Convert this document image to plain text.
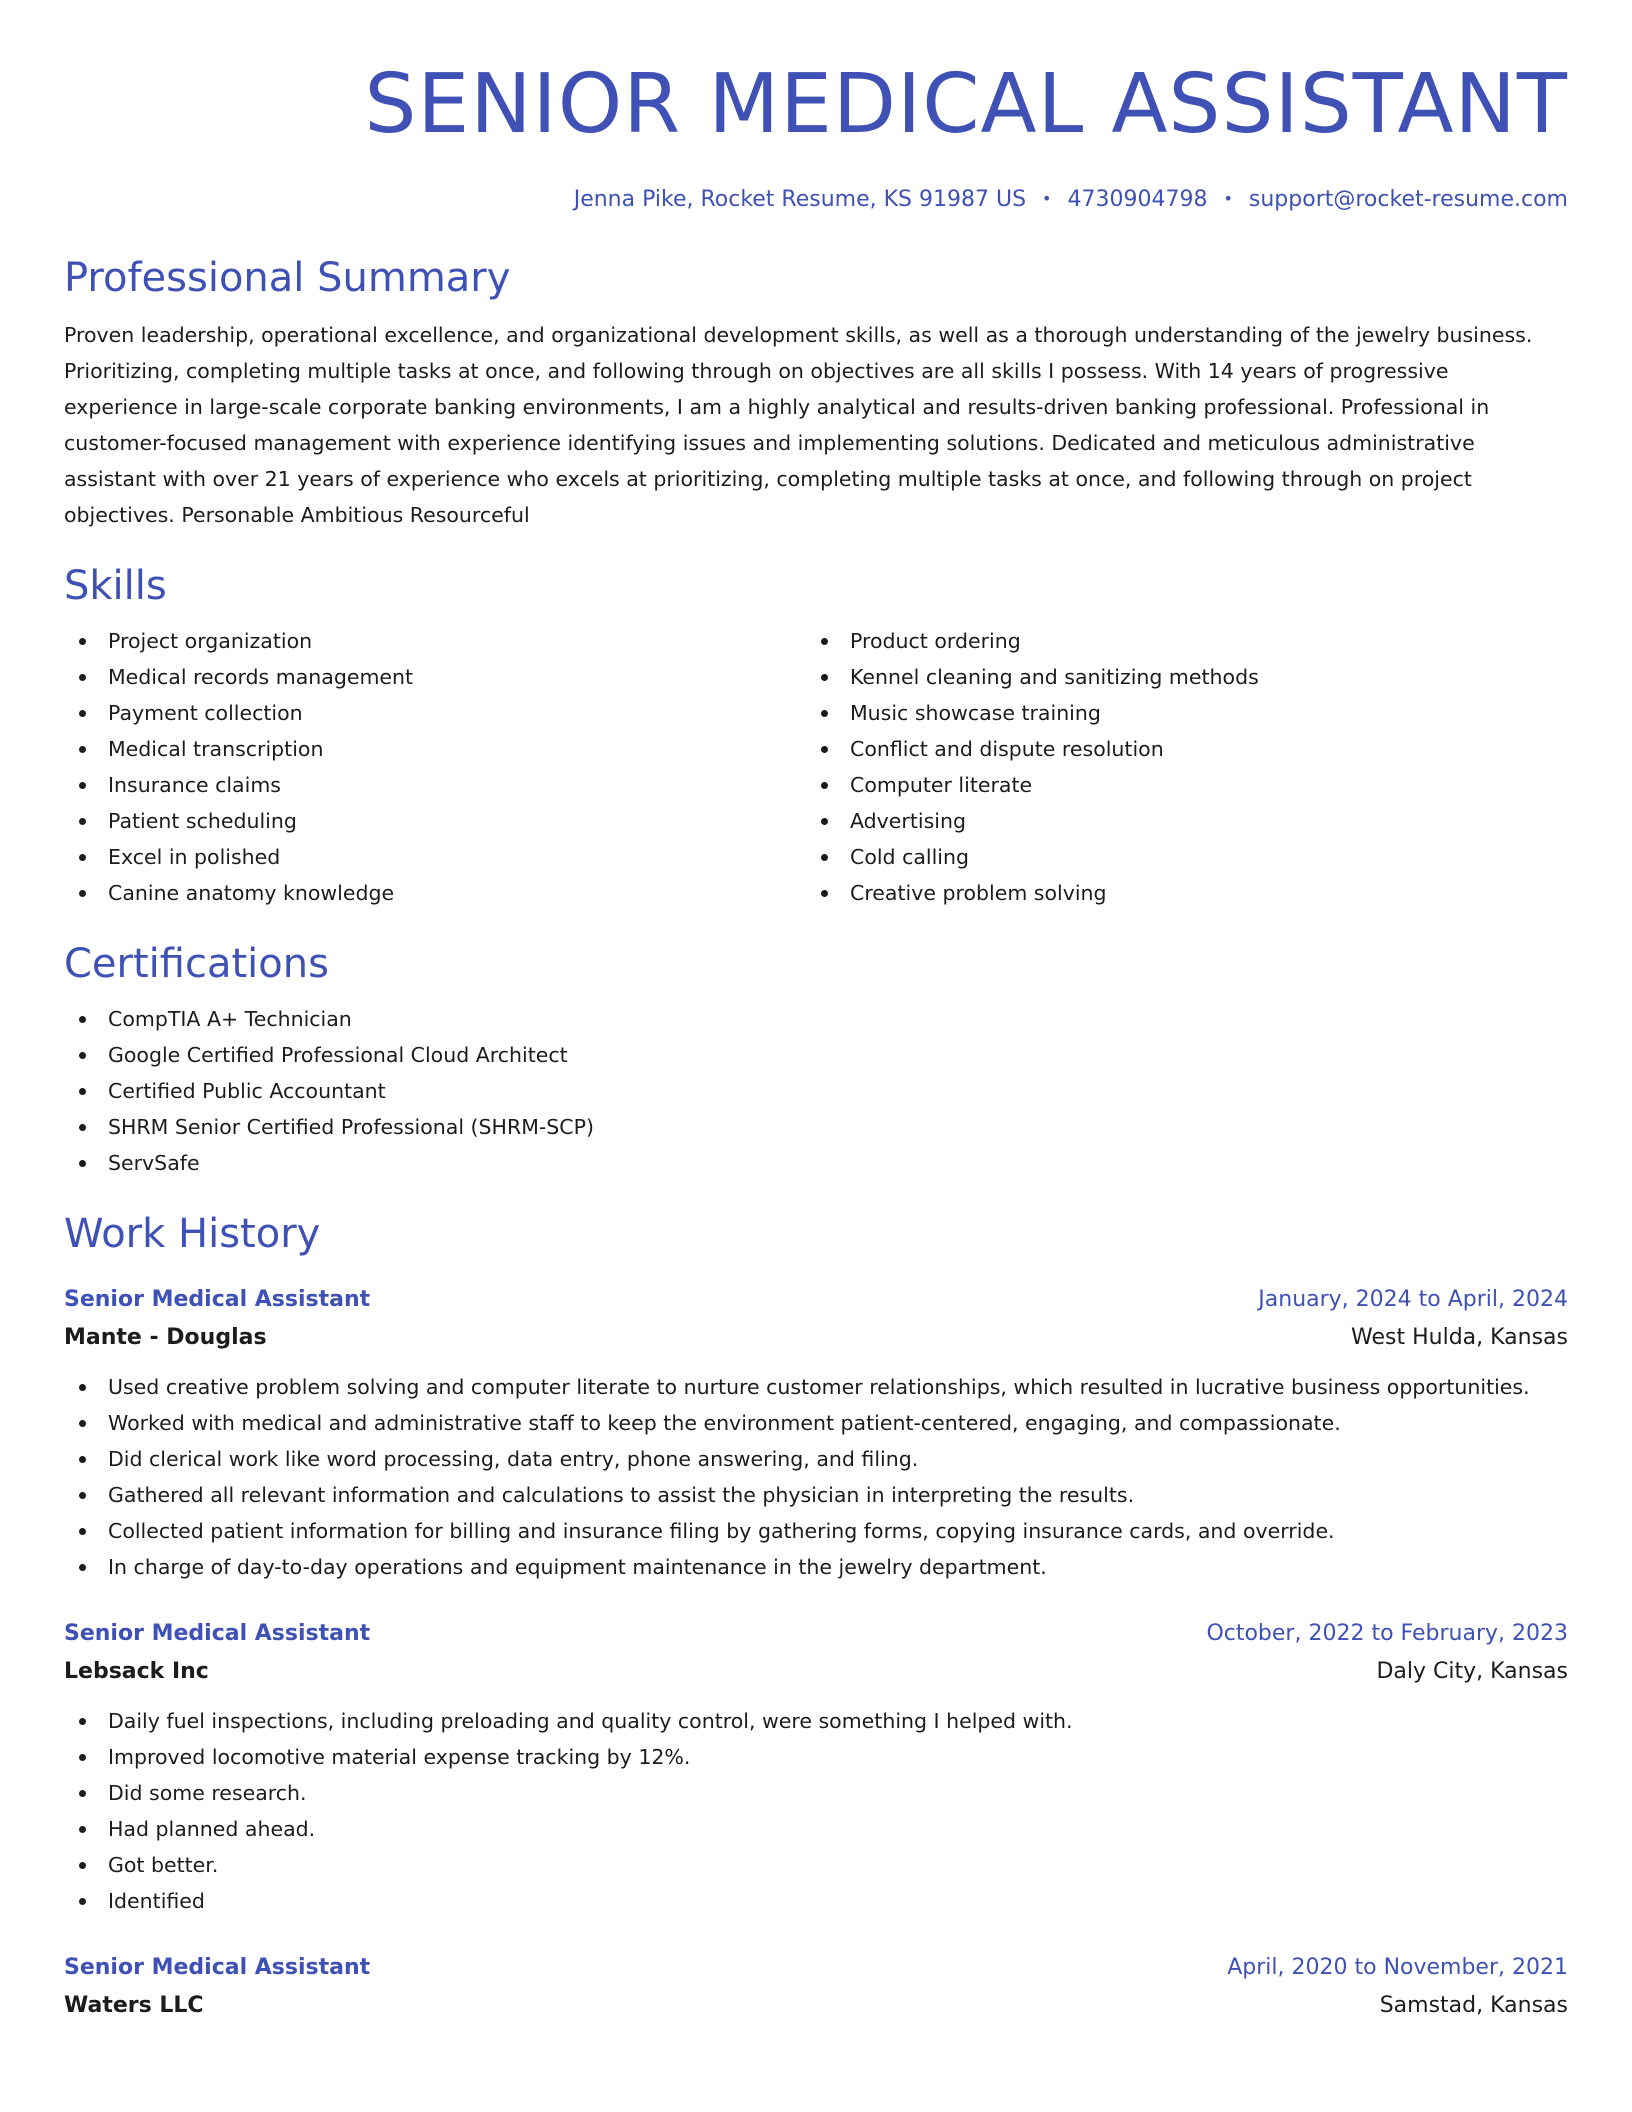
SENIOR MEDICAL ASSISTANT
Jenna Pike, Rocket Resume, KS 91987 US • 4730904798 • support@rocket-resume.com
Professional Summary
Proven leadership, operational excellence, and organizational development skills, as well as a thorough understanding of the jewelry business. Prioritizing, completing multiple tasks at once, and following through on objectives are all skills I possess. With 14 years of progressive experience in large-scale corporate banking environments, I am a highly analytical and results-driven banking professional. Professional in customer-focused management with experience identifying issues and implementing solutions. Dedicated and meticulous administrative assistant with over 21 years of experience who excels at prioritizing, completing multiple tasks at once, and following through on project objectives. Personable Ambitious Resourceful
Skills
Project organization
Medical records management
Payment collection
Medical transcription
Insurance claims
Patient scheduling
Excel in polished
Canine anatomy knowledge
Product ordering
Kennel cleaning and sanitizing methods
Music showcase training
Conflict and dispute resolution
Computer literate
Advertising
Cold calling
Creative problem solving
Certifications
CompTIA A+ Technician
Google Certified Professional Cloud Architect
Certified Public Accountant
SHRM Senior Certified Professional (SHRM-SCP)
ServSafe
Work History
Senior Medical Assistant	January, 2024 to April, 2024
Mante - Douglas	West Hulda, Kansas
Used creative problem solving and computer literate to nurture customer relationships, which resulted in lucrative business opportunities.
Worked with medical and administrative staff to keep the environment patient-centered, engaging, and compassionate.
Did clerical work like word processing, data entry, phone answering, and filing.
Gathered all relevant information and calculations to assist the physician in interpreting the results.
Collected patient information for billing and insurance filing by gathering forms, copying insurance cards, and override.
In charge of day-to-day operations and equipment maintenance in the jewelry department.
Senior Medical Assistant	October, 2022 to February, 2023
Lebsack Inc	Daly City, Kansas
Daily fuel inspections, including preloading and quality control, were something I helped with.
Improved locomotive material expense tracking by 12%.
Did some research.
Had planned ahead.
Got better.
Identified
Senior Medical Assistant	April, 2020 to November, 2021
Waters LLC	Samstad, Kansas
